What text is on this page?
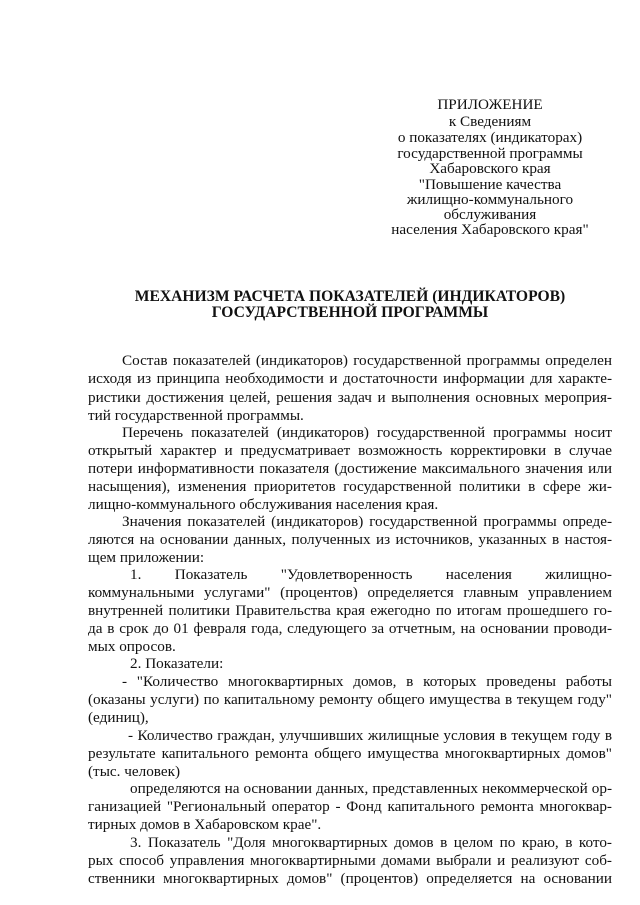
ПРИЛОЖЕНИЕ

к Сведениям

о показателях (индикаторах)

государственной программы

Хабаровского края

"Повышение качества

жилищно-коммунального

обслуживания

населения Хабаровского края"

МЕХАНИЗМ РАСЧЕТА ПОКАЗАТЕЛЕЙ (ИНДИКАТОРОВ)

ГОСУДАРСТВЕННОЙ ПРОГРАММЫ

Состав показателей (индикаторов) государственной программы определен

исходя из принципа необходимости и достаточности информации для характе-

ристики достижения целей, решения задач и выполнения основных мероприя-

тий государственной программы.

Перечень показателей (индикаторов) государственной программы носит

открытый характер и предусматривает возможность корректировки в случае

потери информативности показателя (достижение максимального значения или

насыщения), изменения приоритетов государственной политики в сфере жи-

лищно-коммунального обслуживания населения края.

Значения показателей (индикаторов) государственной программы опреде-

ляются на основании данных, полученных из источников, указанных в настоя-

щем приложении:

1. Показатель "Удовлетворенность населения жилищно-

коммунальными услугами" (процентов) определяется главным управлением

внутренней политики Правительства края ежегодно по итогам прошедшего го-

да в срок до 01 февраля года, следующего за отчетным, на основании проводи-

мых опросов.

2. Показатели:

- "Количество многоквартирных домов, в которых проведены работы

(оказаны услуги) по капитальному ремонту общего имущества в текущем году"

(единиц),

- Количество граждан, улучшивших жилищные условия в текущем году в

результате капитального ремонта общего имущества многоквартирных домов"

(тыс. человек)

определяются на основании данных, представленных некоммерческой ор-

ганизацией "Региональный оператор - Фонд капитального ремонта многоквар-

тирных домов в Хабаровском крае".

3. Показатель "Доля многоквартирных домов в целом по краю, в кото-

рых способ управления многоквартирными домами выбрали и реализуют соб-

ственники многоквартирных домов" (процентов) определяется на основании
